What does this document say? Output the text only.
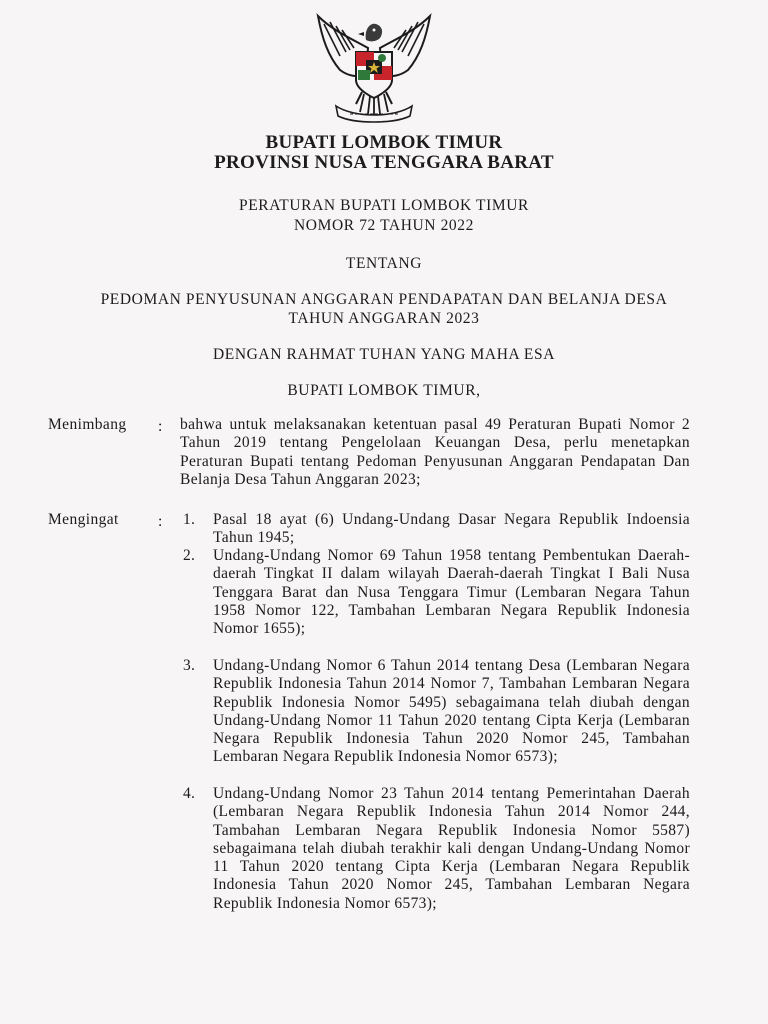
BUPATI LOMBOK TIMUR
PROVINSI NUSA TENGGARA BARAT
PERATURAN BUPATI LOMBOK TIMUR
NOMOR 72 TAHUN 2022
TENTANG
PEDOMAN PENYUSUNAN ANGGARAN PENDAPATAN DAN BELANJA DESA
TAHUN ANGGARAN 2023
DENGAN RAHMAT TUHAN YANG MAHA ESA
BUPATI LOMBOK TIMUR,
Menimbang : bahwa untuk melaksanakan ketentuan pasal 49 Peraturan Bupati Nomor 2 Tahun 2019 tentang Pengelolaan Keuangan Desa, perlu menetapkan Peraturan Bupati tentang Pedoman Penyusunan Anggaran Pendapatan Dan Belanja Desa Tahun Anggaran 2023;
Mengingat	: 1. Pasal 18 ayat (6) Undang-Undang Dasar Negara Republik Indoensia Tahun 1945;
2. Undang-Undang Nomor 69 Tahun 1958 tentang Pembentukan Daerah-daerah Tingkat II dalam wilayah Daerah-daerah Tingkat I Bali Nusa Tenggara Barat dan Nusa Tenggara Timur (Lembaran Negara Tahun 1958 Nomor 122, Tambahan Lembaran Negara Republik Indonesia Nomor 1655);
3. Undang-Undang Nomor 6 Tahun 2014 tentang Desa (Lembaran Negara Republik Indonesia Tahun 2014 Nomor 7, Tambahan Lembaran Negara Republik Indonesia Nomor 5495) sebagaimana telah diubah dengan Undang-Undang Nomor 11 Tahun 2020 tentang Cipta Kerja (Lembaran Negara Republik Indonesia Tahun 2020 Nomor 245, Tambahan Lembaran Negara Republik Indonesia Nomor 6573);
4. Undang-Undang Nomor 23 Tahun 2014 tentang Pemerintahan Daerah (Lembaran Negara Republik Indonesia Tahun 2014 Nomor 244, Tambahan Lembaran Negara Republik Indonesia Nomor 5587) sebagaimana telah diubah terakhir kali dengan Undang-Undang Nomor 11 Tahun 2020 tentang Cipta Kerja (Lembaran Negara Republik Indonesia Tahun 2020 Nomor 245, Tambahan Lembaran Negara Republik Indonesia Nomor 6573);
